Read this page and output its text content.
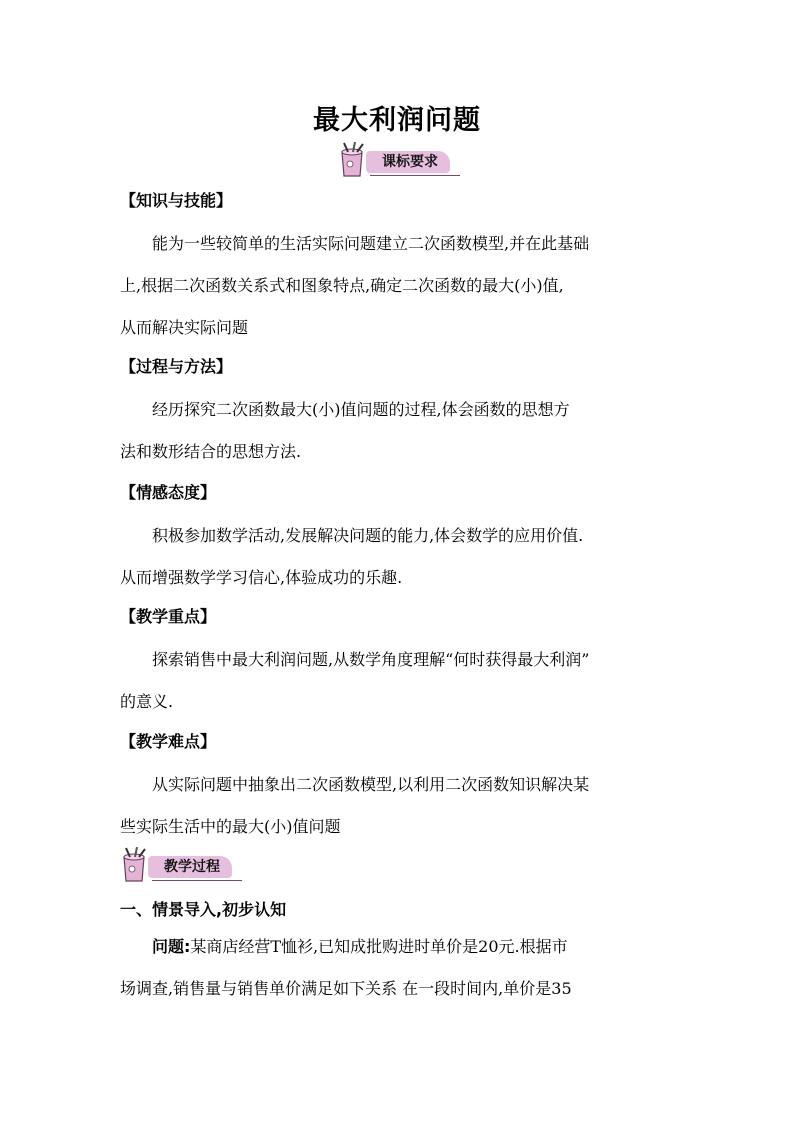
最大利润问题
课标要求
【知识与技能】
能为一些较简单的生活实际问题建立二次函数模型,并在此基础
上,根据二次函数关系式和图象特点,确定二次函数的最大(小)值,
从而解决实际问题
【过程与方法】
经历探究二次函数最大(小)值问题的过程,体会函数的思想方
法和数形结合的思想方法.
【情感态度】
积极参加数学活动,发展解决问题的能力,体会数学的应用价值.
从而增强数学学习信心,体验成功的乐趣.
【教学重点】
探索销售中最大利润问题,从数学角度理解“何时获得最大利润”
的意义.
【教学难点】
从实际问题中抽象出二次函数模型,以利用二次函数知识解决某
些实际生活中的最大(小)值问题
教学过程
一、情景导入,初步认知
问题:某商店经营T恤衫,已知成批购进时单价是20元.根据市
场调查,销售量与销售单价满足如下关系 在一段时间内,单价是35
